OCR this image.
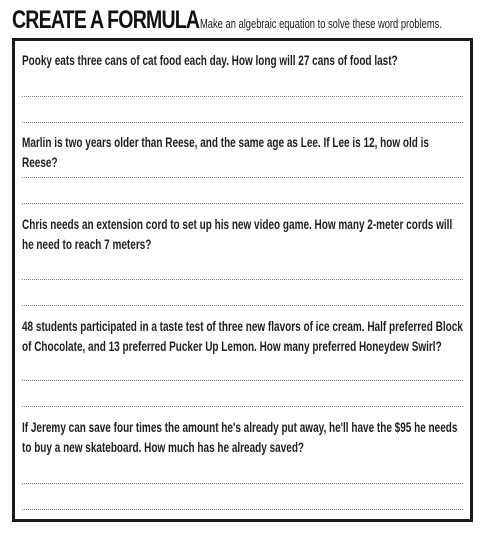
CREATE A FORMULA Make an algebraic equation to solve these word problems.
Pooky eats three cans of cat food each day. How long will 27 cans of food last?
Marlin is two years older than Reese, and the same age as Lee. If Lee is 12, how old is Reese?
Chris needs an extension cord to set up his new video game. How many 2-meter cords will he need to reach 7 meters?
48 students participated in a taste test of three new flavors of ice cream. Half preferred Block of Chocolate, and 13 preferred Pucker Up Lemon. How many preferred Honeydew Swirl?
If Jeremy can save four times the amount he's already put away, he'll have the $95 he needs to buy a new skateboard. How much has he already saved?
